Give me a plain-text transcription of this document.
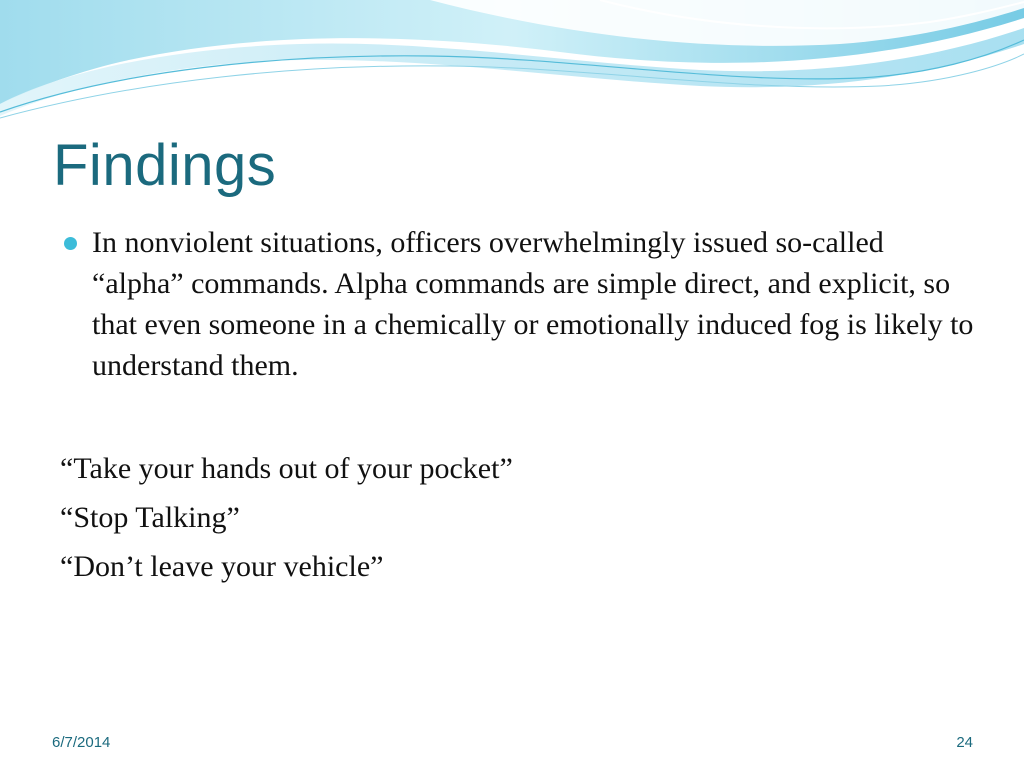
Findings
In nonviolent situations, officers overwhelmingly issued so-called “alpha” commands. Alpha commands are simple direct, and explicit, so that even someone in a chemically or emotionally induced fog is likely to understand them.
“Take your hands out of your pocket”
“Stop Talking”
“Don’t leave your vehicle”
6/7/2014	24
